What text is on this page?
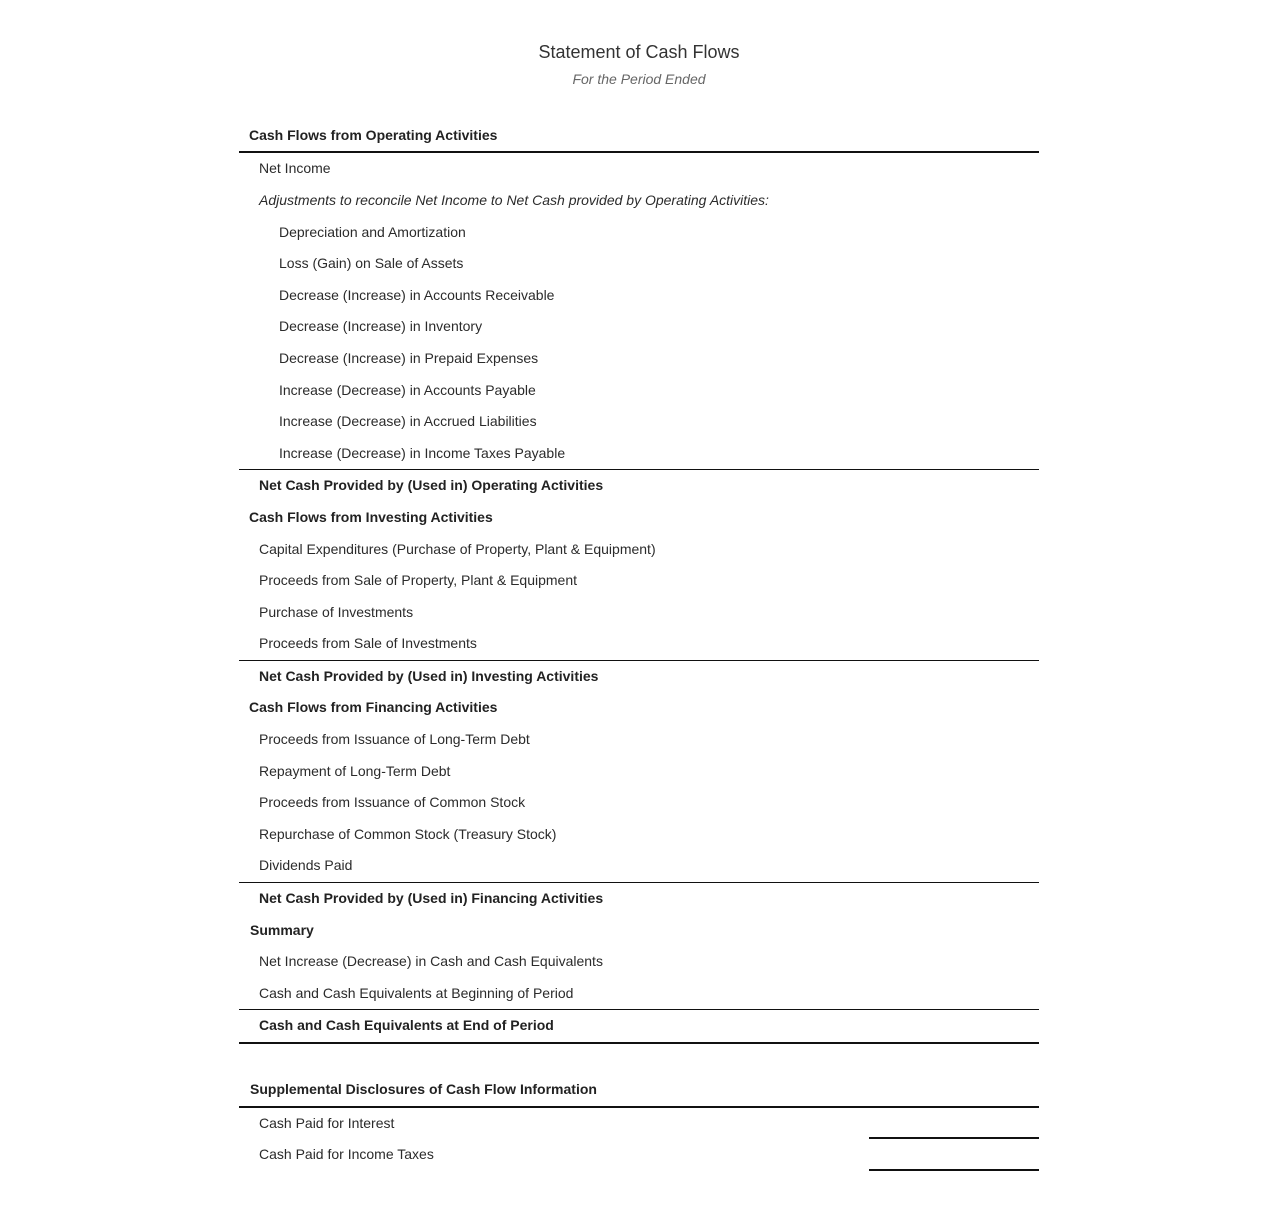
Statement of Cash Flows
For the Period Ended
Cash Flows from Operating Activities
Net Income
Adjustments to reconcile Net Income to Net Cash provided by Operating Activities:
Depreciation and Amortization
Loss (Gain) on Sale of Assets
Decrease (Increase) in Accounts Receivable
Decrease (Increase) in Inventory
Decrease (Increase) in Prepaid Expenses
Increase (Decrease) in Accounts Payable
Increase (Decrease) in Accrued Liabilities
Increase (Decrease) in Income Taxes Payable
Net Cash Provided by (Used in) Operating Activities
Cash Flows from Investing Activities
Capital Expenditures (Purchase of Property, Plant & Equipment)
Proceeds from Sale of Property, Plant & Equipment
Purchase of Investments
Proceeds from Sale of Investments
Net Cash Provided by (Used in) Investing Activities
Cash Flows from Financing Activities
Proceeds from Issuance of Long-Term Debt
Repayment of Long-Term Debt
Proceeds from Issuance of Common Stock
Repurchase of Common Stock (Treasury Stock)
Dividends Paid
Net Cash Provided by (Used in) Financing Activities
Summary
Net Increase (Decrease) in Cash and Cash Equivalents
Cash and Cash Equivalents at Beginning of Period
Cash and Cash Equivalents at End of Period
Supplemental Disclosures of Cash Flow Information
Cash Paid for Interest
Cash Paid for Income Taxes
